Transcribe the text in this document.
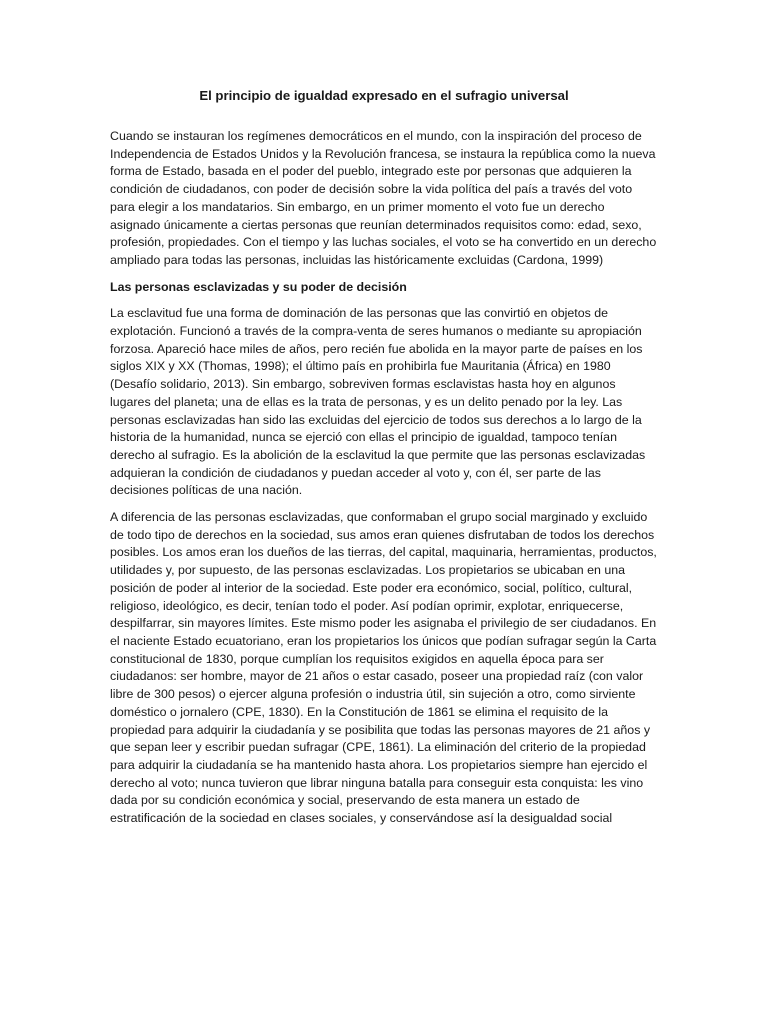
El principio de igualdad expresado en el sufragio universal

Cuando se instauran los regímenes democráticos en el mundo, con la inspiración del proceso de Independencia de Estados Unidos y la Revolución francesa, se instaura la república como la nueva forma de Estado, basada en el poder del pueblo, integrado este por personas que adquieren la condición de ciudadanos, con poder de decisión sobre la vida política del país a través del voto para elegir a los mandatarios. Sin embargo, en un primer momento el voto fue un derecho asignado únicamente a ciertas personas que reunían determinados requisitos como: edad, sexo, profesión, propiedades. Con el tiempo y las luchas sociales, el voto se ha convertido en un derecho ampliado para todas las personas, incluidas las históricamente excluidas (Cardona, 1999)

Las personas esclavizadas y su poder de decisión

La esclavitud fue una forma de dominación de las personas que las convirtió en objetos de explotación. Funcionó a través de la compra-venta de seres humanos o mediante su apropiación forzosa. Apareció hace miles de años, pero recién fue abolida en la mayor parte de países en los siglos XIX y XX (Thomas, 1998); el último país en prohibirla fue Mauritania (África) en 1980 (Desafío solidario, 2013). Sin embargo, sobreviven formas esclavistas hasta hoy en algunos lugares del planeta; una de ellas es la trata de personas, y es un delito penado por la ley. Las personas esclavizadas han sido las excluidas del ejercicio de todos sus derechos a lo largo de la historia de la humanidad, nunca se ejerció con ellas el principio de igualdad, tampoco tenían derecho al sufragio. Es la abolición de la esclavitud la que permite que las personas esclavizadas adquieran la condición de ciudadanos y puedan acceder al voto y, con él, ser parte de las decisiones políticas de una nación.

A diferencia de las personas esclavizadas, que conformaban el grupo social marginado y excluido de todo tipo de derechos en la sociedad, sus amos eran quienes disfrutaban de todos los derechos posibles. Los amos eran los dueños de las tierras, del capital, maquinaria, herramientas, productos, utilidades y, por supuesto, de las personas esclavizadas. Los propietarios se ubicaban en una posición de poder al interior de la sociedad. Este poder era económico, social, político, cultural, religioso, ideológico, es decir, tenían todo el poder. Así podían oprimir, explotar, enriquecerse, despilfarrar, sin mayores límites. Este mismo poder les asignaba el privilegio de ser ciudadanos. En el naciente Estado ecuatoriano, eran los propietarios los únicos que podían sufragar según la Carta constitucional de 1830, porque cumplían los requisitos exigidos en aquella época para ser ciudadanos: ser hombre, mayor de 21 años o estar casado, poseer una propiedad raíz (con valor libre de 300 pesos) o ejercer alguna profesión o industria útil, sin sujeción a otro, como sirviente doméstico o jornalero (CPE, 1830). En la Constitución de 1861 se elimina el requisito de la propiedad para adquirir la ciudadanía y se posibilita que todas las personas mayores de 21 años y que sepan leer y escribir puedan sufragar (CPE, 1861). La eliminación del criterio de la propiedad para adquirir la ciudadanía se ha mantenido hasta ahora. Los propietarios siempre han ejercido el derecho al voto; nunca tuvieron que librar ninguna batalla para conseguir esta conquista: les vino dada por su condición económica y social, preservando de esta manera un estado de estratificación de la sociedad en clases sociales, y conservándose así la desigualdad social
